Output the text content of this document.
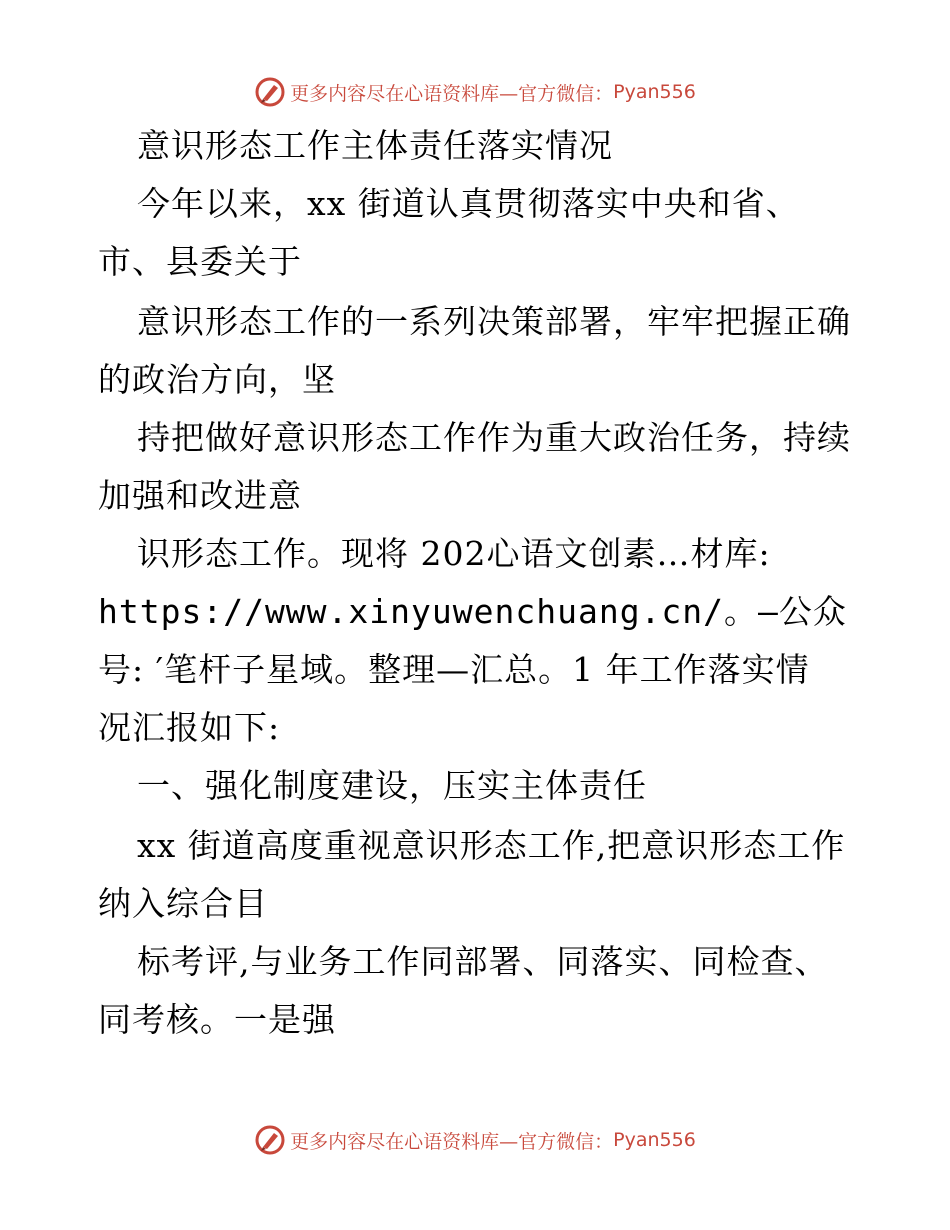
更多内容尽在心语资料库—官方微信： Pyan556
意识形态工作主体责任落实情况
今年以来，xx 街道认真贯彻落实中央和省、
市、县委关于
意识形态工作的一系列决策部署，牢牢把握正确
的政治方向，坚
持把做好意识形态工作作为重大政治任务，持续
加强和改进意
识形态工作。现将 202心语文创素…材库:
https://www.xinyuwenchuang.cn/。—公众
号: ′笔杆子星域。整理—汇总。1 年工作落实情
况汇报如下:
一、强化制度建设，压实主体责任
xx 街道高度重视意识形态工作,把意识形态工作
纳入综合目
标考评,与业务工作同部署、同落实、同检查、
同考核。一是强
更多内容尽在心语资料库—官方微信： Pyan556
